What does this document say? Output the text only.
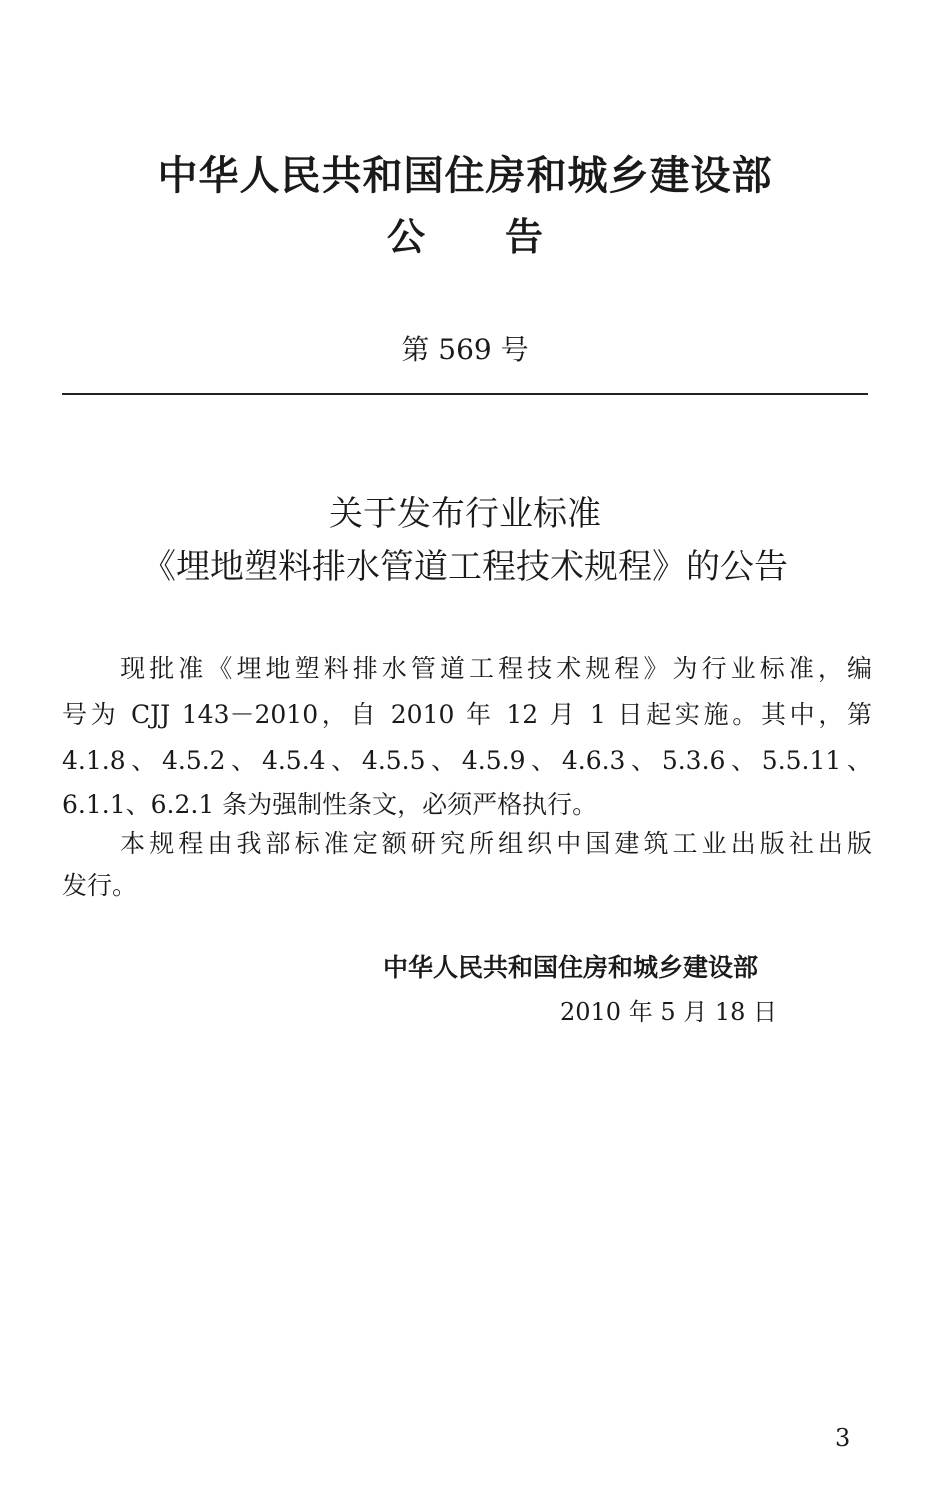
中华人民共和国住房和城乡建设部
公告
第 569 号
关于发布行业标准
《埋地塑料排水管道工程技术规程》的公告
　　现批准《埋地塑料排水管道工程技术规程》为行业标准，编
号为 CJJ 143－2010，自 2010 年 12 月 1 日起实施。其中，第
4.1.8、4.5.2、4.5.4、4.5.5、4.5.9、4.6.3、5.3.6、5.5.11、
6.1.1、6.2.1 条为强制性条文，必须严格执行。
　　本规程由我部标准定额研究所组织中国建筑工业出版社出版
发行。
中华人民共和国住房和城乡建设部
2010 年 5 月 18 日
3
